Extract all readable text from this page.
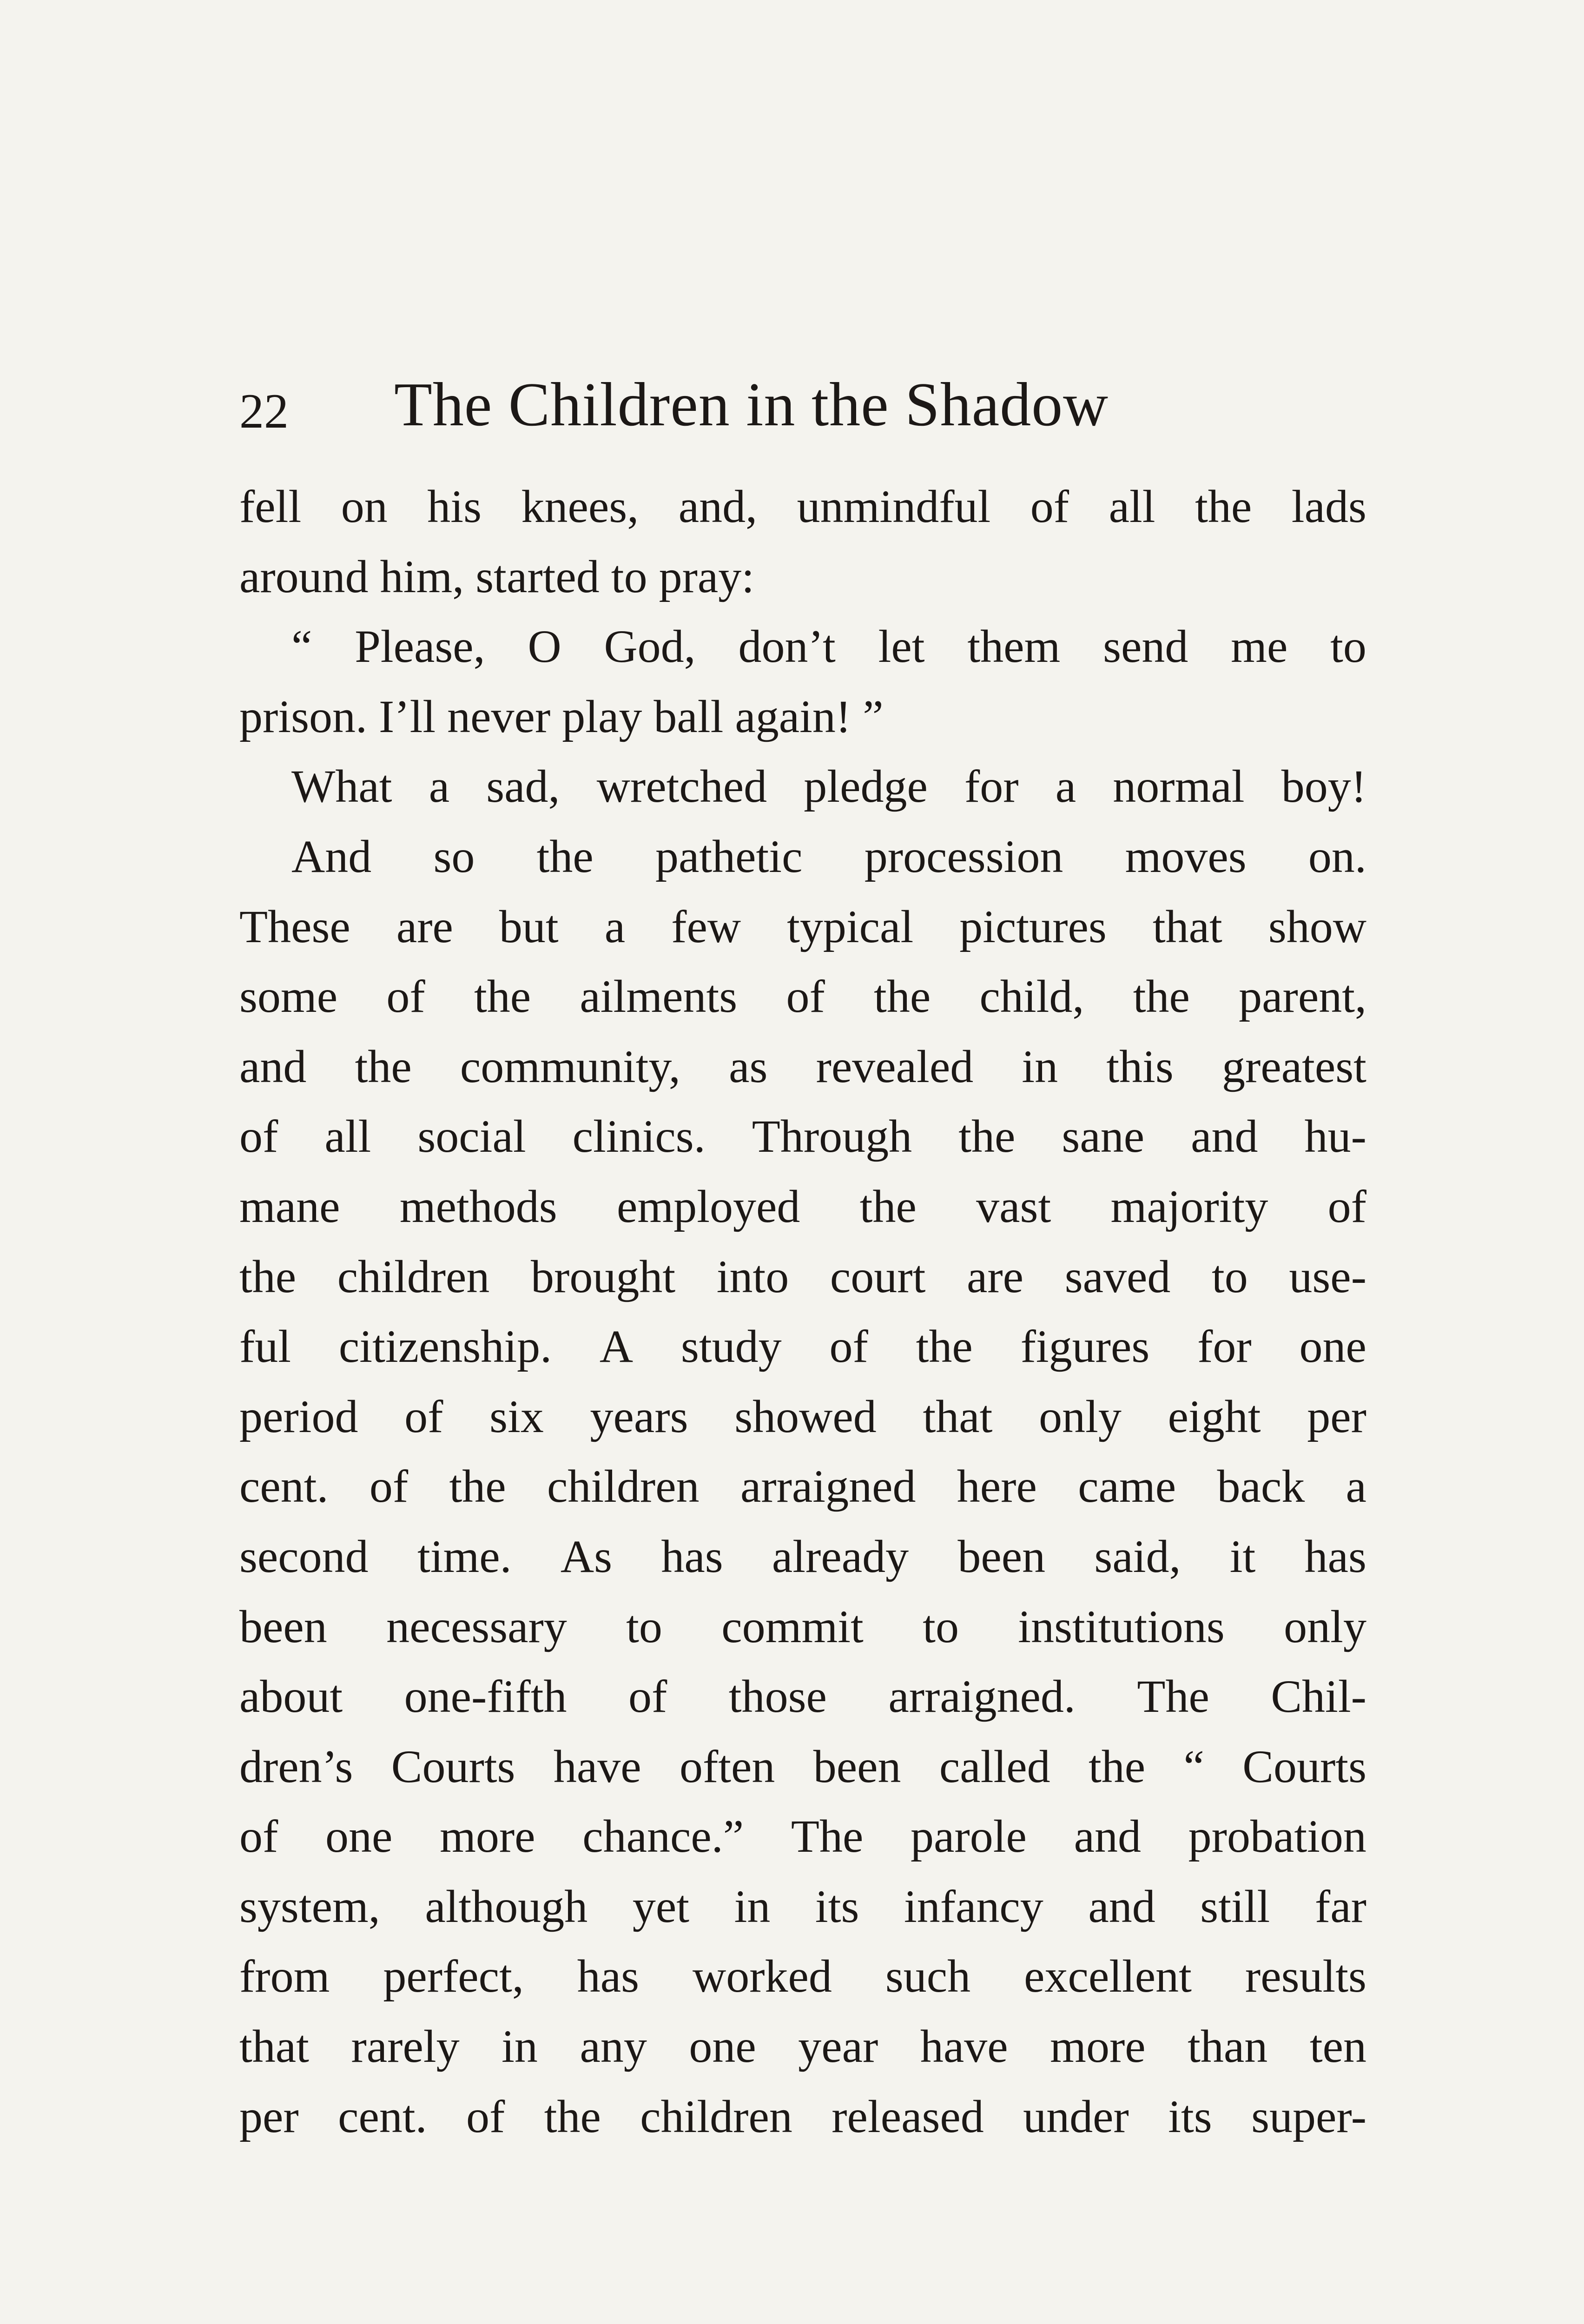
22 The Children in the Shadow
fell on his knees, and, unmindful of all the lads
around him, started to pray:
“ Please, O God, don’t let them send me to
prison. I’ll never play ball again! ”
What a sad, wretched pledge for a normal boy!
And so the pathetic procession moves on.
These are but a few typical pictures that show
some of the ailments of the child, the parent,
and the community, as revealed in this greatest
of all social clinics. Through the sane and hu-
mane methods employed the vast majority of
the children brought into court are saved to use-
ful citizenship. A study of the figures for one
period of six years showed that only eight per
cent. of the children arraigned here came back a
second time. As has already been said, it has
been necessary to commit to institutions only
about one-fifth of those arraigned. The Chil-
dren’s Courts have often been called the “ Courts
of one more chance.” The parole and probation
system, although yet in its infancy and still far
from perfect, has worked such excellent results
that rarely in any one year have more than ten
per cent. of the children released under its super-
